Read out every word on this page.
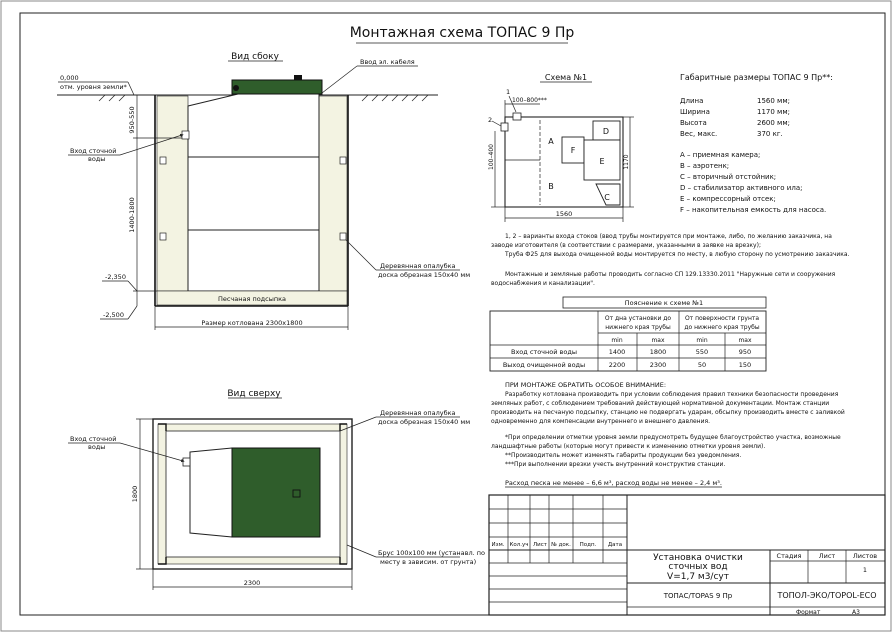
Монтажная схема ТОПАС 9 Пр
Вид сбоку
950-550
1400-1800
0,000
отм. уровня земли*
Вход сточной
воды
Ввод эл. кабеля
-2,350
-2,500
Деревянная опалубка
доска обрезная 150х40 мм
Песчаная подсыпка
Размер котлована 2300х1800
Вид сверху
Вход сточной
воды
Деревянная опалубка
доска обрезная 150х40 мм
Брус 100х100 мм (устанавл. по
месту в зависим. от грунта)
1800
2300
Схема №1
A
B
C
D
E
F
1
2
100–800***
100–400	1170
1560
Габаритные размеры ТОПАС 9 Пр**:
Длина	1560 мм;
Ширина	1170 мм;
Высота	2600 мм;
Вес, макс.	370 кг.
A – приемная камера;
B – аэротенк;
C – вторичный отстойник;
D – стабилизатор активного ила;
E – компрессорный отсек;
F – накопительная емкость для насоса.
1, 2 – варианты входа стоков (ввод трубы монтируется при монтаже, либо, по желанию заказчика, на
заводе изготовителя (в соответствии с размерами, указанными в заявке на врезку);
Труба Ф25 для выхода очищенной воды монтируется по месту, в любую сторону по усмотрению заказчика.
Монтажные и земляные работы проводить согласно СП 129.13330.2011 "Наружные сети и сооружения
водоснабжения и канализации".
Пояснение к схеме №1
От дна установки до
нижнего края трубы
От поверхности грунта
до нижнего края трубы
min	max	min	max
Вход сточной воды	1400	1800	550	950
Выход очищенной воды	2200	2300	50	150
ПРИ МОНТАЖЕ ОБРАТИТЬ ОСОБОЕ ВНИМАНИЕ:
Разработку котлована производить при условии соблюдения правил техники безопасности проведения
земляных работ, с соблюдением требований действующей нормативной документации. Монтаж станции
производить на песчаную подсыпку, станцию не подвергать ударам, обсыпку производить вместе с заливкой
одновременно для компенсации внутреннего и внешнего давления.
*При определении отметки уровня земли предусмотреть будущее благоустройство участка, возможные
ландшафтные работы (которые могут привести к изменению отметки уровня земли).
**Производитель может изменять габариты продукции без уведомления.
***При выполнении врезки учесть внутренний конструктив станции.
Расход песка не менее – 6,6 м³, расход воды не менее – 2,4 м³.
Изм. Кол.уч Лист № док. Подп. Дата
Установка очистки
сточных вод
V=1,7 м3/сут
Стадия	Лист	Листов
1
ТОПАС/TOPAS 9 Пр	ТОПОЛ-ЭКО/TOPOL-ECO
Формат	А3
